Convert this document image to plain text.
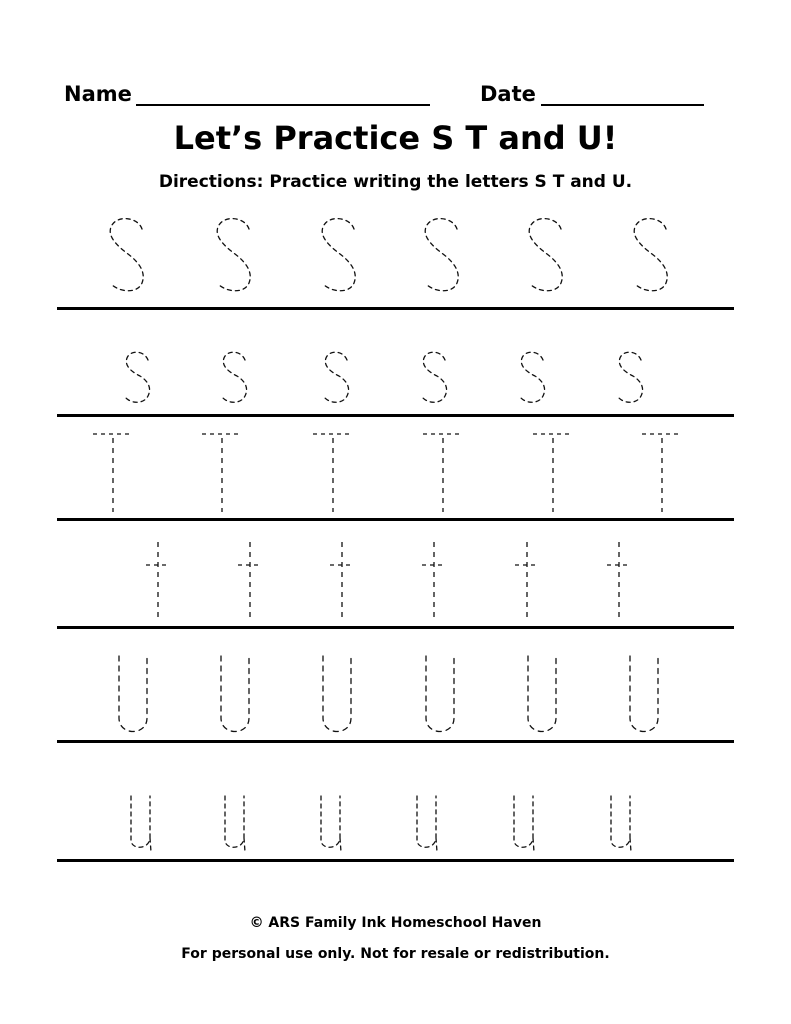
Name	Date
Let’s Practice S T and U!
Directions: Practice writing the letters S T and U.
© ARS Family Ink Homeschool Haven
For personal use only. Not for resale or redistribution.
